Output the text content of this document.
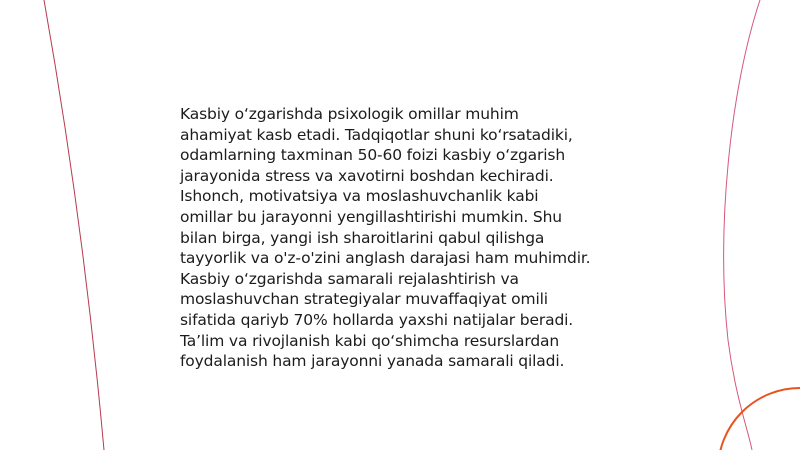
Kasbiy o‘zgarishda psixologik omillar muhim
ahamiyat kasb etadi. Tadqiqotlar shuni ko‘rsatadiki,
odamlarning taxminan 50-60 foizi kasbiy o‘zgarish
jarayonida stress va xavotirni boshdan kechiradi.
Ishonch, motivatsiya va moslashuvchanlik kabi
omillar bu jarayonni yengillashtirishi mumkin. Shu
bilan birga, yangi ish sharoitlarini qabul qilishga
tayyorlik va o'z-o'zini anglash darajasi ham muhimdir.
Kasbiy o‘zgarishda samarali rejalashtirish va
moslashuvchan strategiyalar muvaffaqiyat omili
sifatida qariyb 70% hollarda yaxshi natijalar beradi.
Ta’lim va rivojlanish kabi qo‘shimcha resurslardan
foydalanish ham jarayonni yanada samarali qiladi.
